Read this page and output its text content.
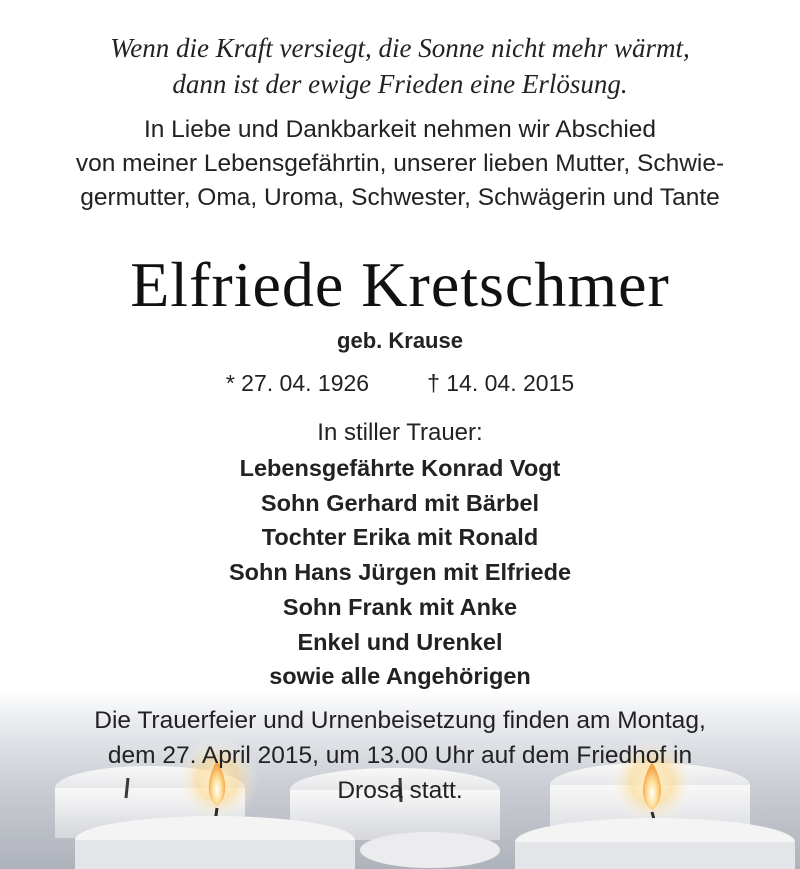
Wenn die Kraft versiegt, die Sonne nicht mehr wärmt,
dann ist der ewige Frieden eine Erlösung.
In Liebe und Dankbarkeit nehmen wir Abschied
von meiner Lebensgefährtin, unserer lieben Mutter, Schwie-
germutter, Oma, Uroma, Schwester, Schwägerin und Tante
Elfriede Kretschmer
geb. Krause
* 27. 04. 1926	† 14. 04. 2015
In stiller Trauer:
Lebensgefährte Konrad Vogt
Sohn Gerhard mit Bärbel
Tochter Erika mit Ronald
Sohn Hans Jürgen mit Elfriede
Sohn Frank mit Anke
Enkel und Urenkel
sowie alle Angehörigen
Die Trauerfeier und Urnenbeisetzung finden am Montag,
dem 27. April 2015, um 13.00 Uhr auf dem Friedhof in
Drosa statt.
